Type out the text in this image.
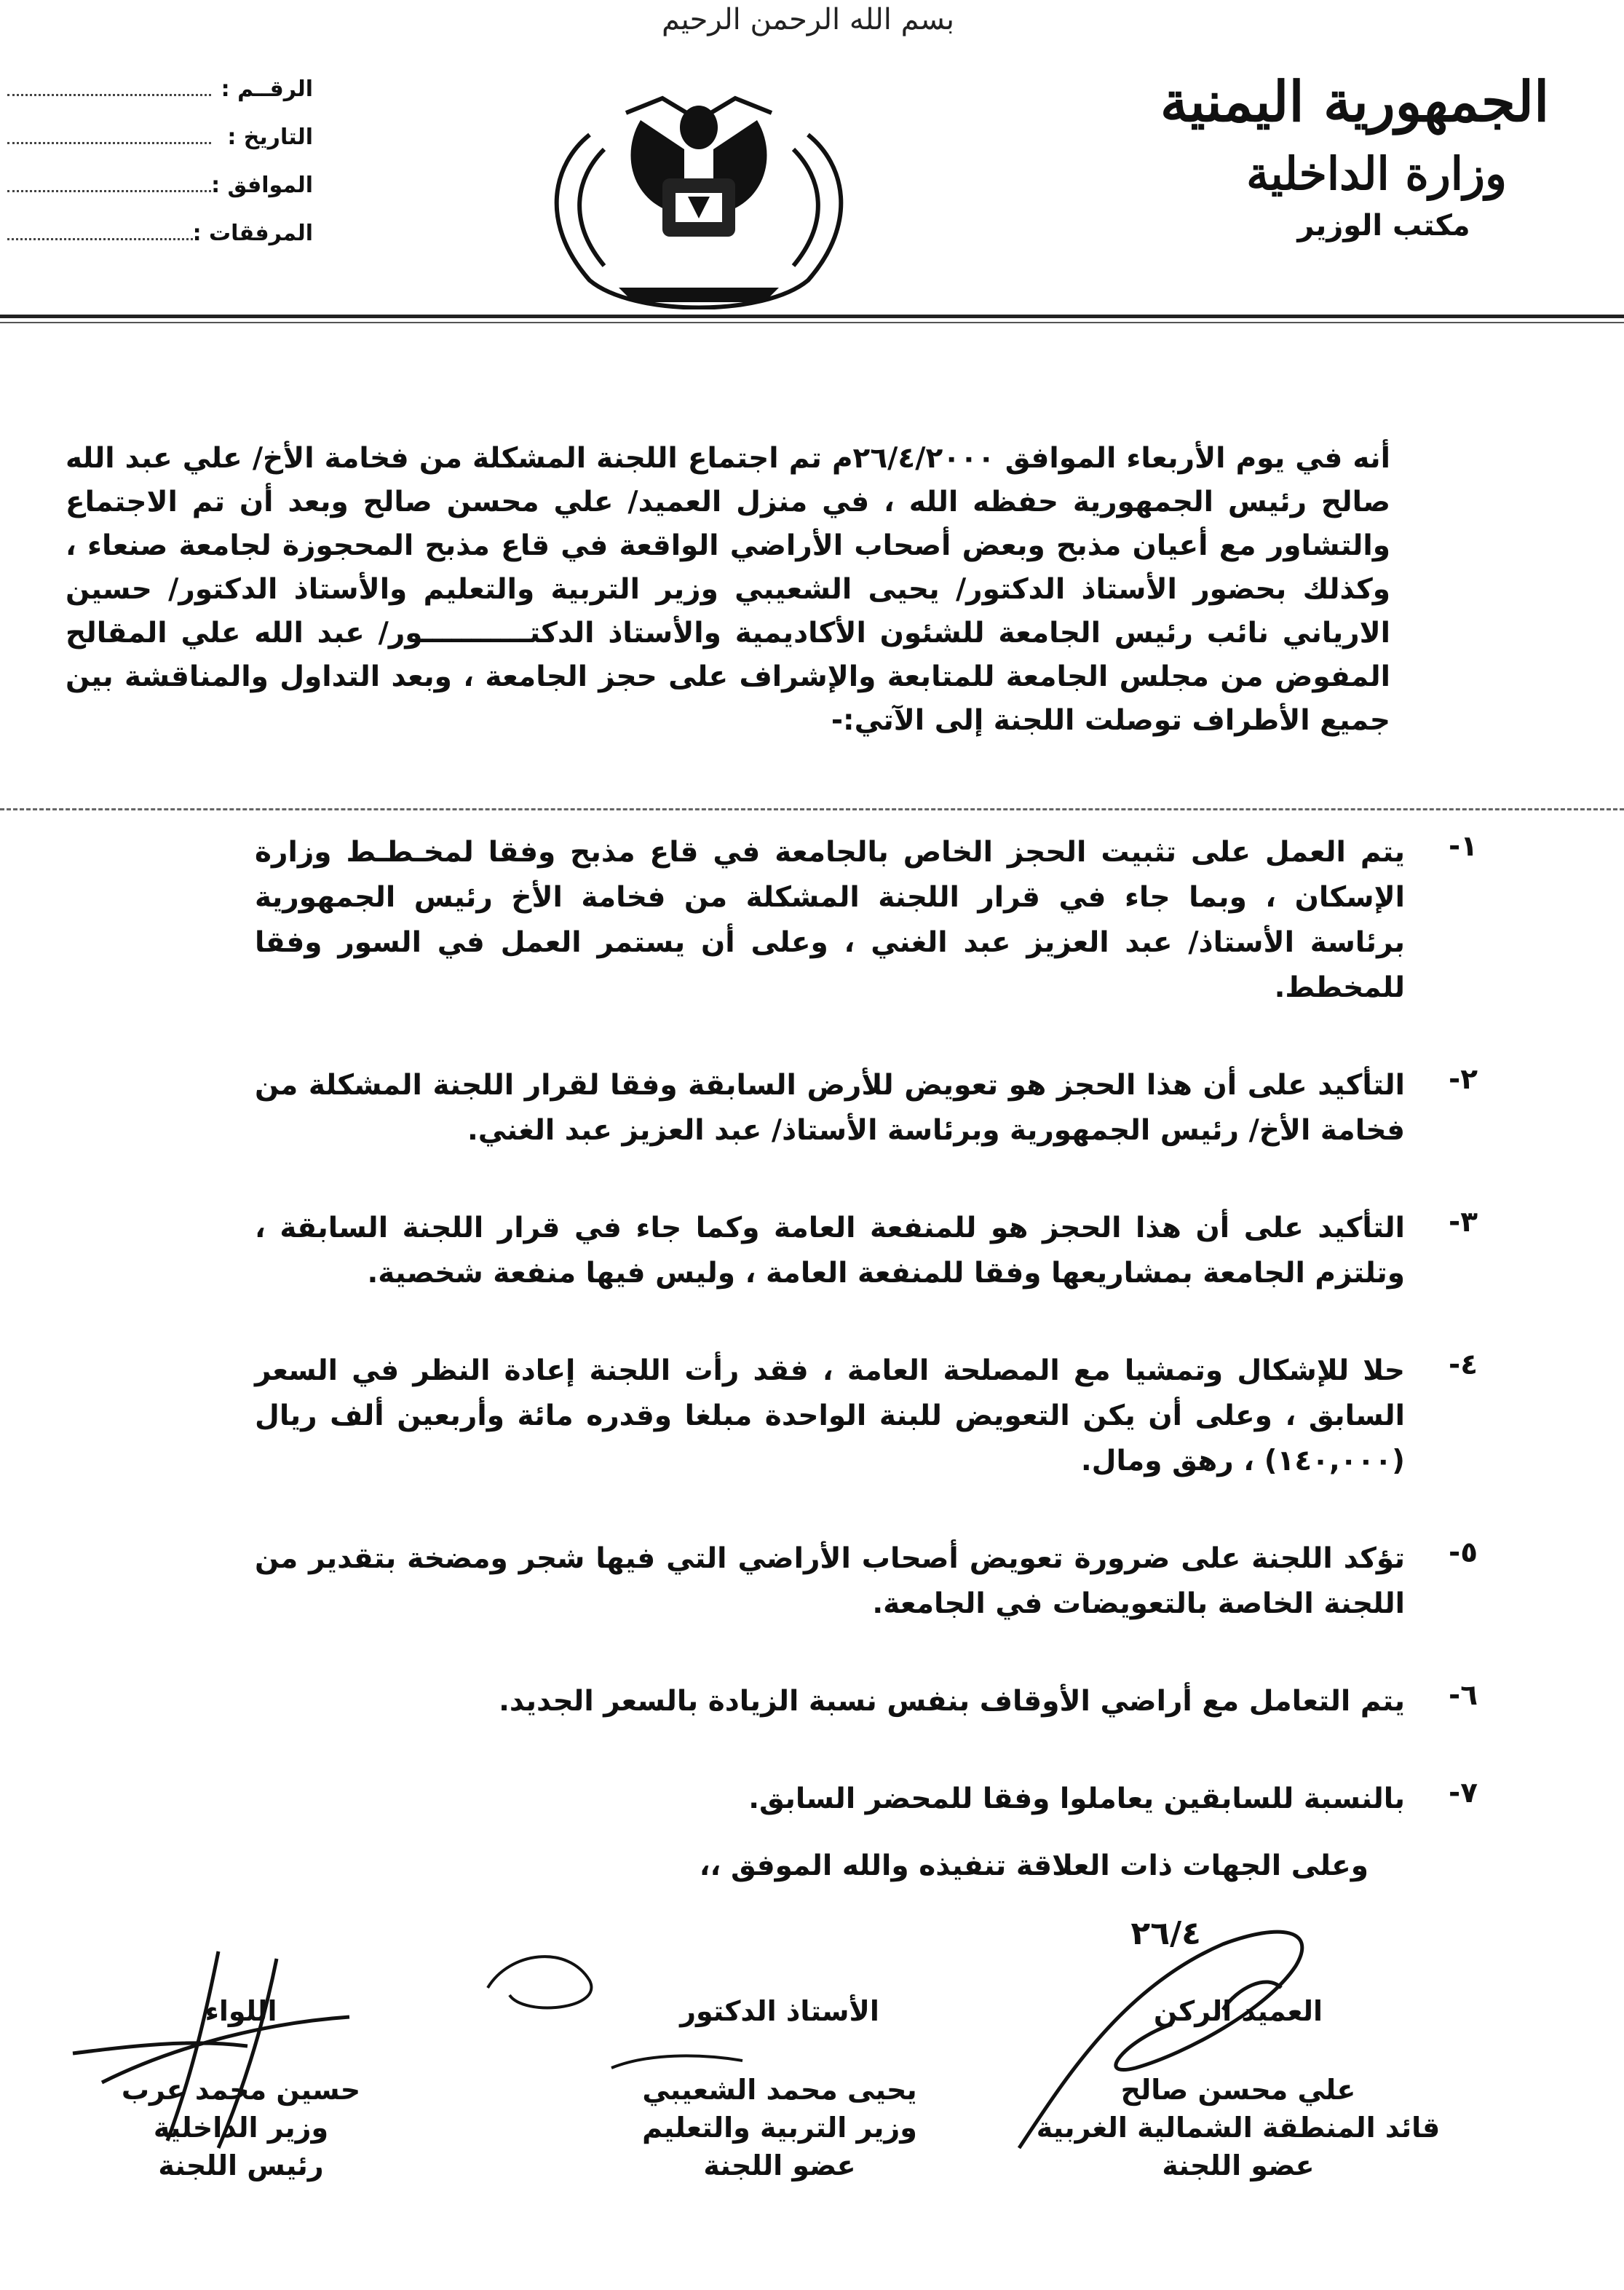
بسم الله الرحمن الرحيم
الجمهورية اليمنية
وزارة الداخلية
مكتب الوزير
الرقــم :
التاريخ :
الموافق :
المرفقات :

أنه في يوم الأربعاء الموافق ٢٦/٤/٢٠٠٠م تم اجتماع اللجنة المشكلة من فخامة الأخ/ علي عبد الله صالح رئيس الجمهورية حفظه الله ، في منزل العميد/ علي محسن صالح وبعد أن تم الاجتماع والتشاور مع أعيان مذبح وبعض أصحاب الأراضي الواقعة في قاع مذبح المحجوزة لجامعة صنعاء ، وكذلك بحضور الأستاذ الدكتور/ يحيى الشعيبي وزير التربية والتعليم والأستاذ الدكتور/ حسين الارياني نائب رئيس الجامعة للشئون الأكاديمية والأستاذ الدكتـــــــــــور/ عبد الله علي المقالح المفوض من مجلس الجامعة للمتابعة والإشراف على حجز الجامعة ، وبعد التداول والمناقشة بين جميع الأطراف توصلت اللجنة إلى الآتي:-

١-
يتم العمل على تثبيت الحجز الخاص بالجامعة في قاع مذبح وفقا لمخـطـط وزارة الإسكان ، وبما جاء في قرار اللجنة المشكلة من فخامة الأخ رئيس الجمهورية برئاسة الأستاذ/ عبد العزيز عبد الغني ، وعلى أن يستمر العمل في السور وفقا للمخطط.
٢-
التأكيد على أن هذا الحجز هو تعويض للأرض السابقة وفقا لقرار اللجنة المشكلة من فخامة الأخ/ رئيس الجمهورية وبرئاسة الأستاذ/ عبد العزيز عبد الغني.
٣-
التأكيد على أن هذا الحجز هو للمنفعة العامة وكما جاء في قرار اللجنة السابقة ، وتلتزم الجامعة بمشاريعها وفقا للمنفعة العامة ، وليس فيها منفعة شخصية.
٤-
حلا للإشكال وتمشيا مع المصلحة العامة ، فقد رأت اللجنة إعادة النظر في السعر السابق ، وعلى أن يكن التعويض للبنة الواحدة مبلغا وقدره مائة وأربعين ألف ريال (١٤٠,٠٠٠) ، رهق ومال.
٥-
تؤكد اللجنة على ضرورة تعويض أصحاب الأراضي التي فيها شجر ومضخة بتقدير من اللجنة الخاصة بالتعويضات في الجامعة.
٦-
يتم التعامل مع أراضي الأوقاف بنفس نسبة الزيادة بالسعر الجديد.
٧-
بالنسبة للسابقين يعاملوا وفقا للمحضر السابق.
وعلى الجهات ذات العلاقة تنفيذه والله الموفق ،،
العميد الركن
علي محسن صالح
قائد المنطقة الشمالية الغربية
عضو اللجنة
الأستاذ الدكتور
يحيى محمد الشعيبي
وزير التربية والتعليم
عضو اللجنة
اللواء
حسين محمد عرب
وزير الداخلية
رئيس اللجنة
٢٦/٤
